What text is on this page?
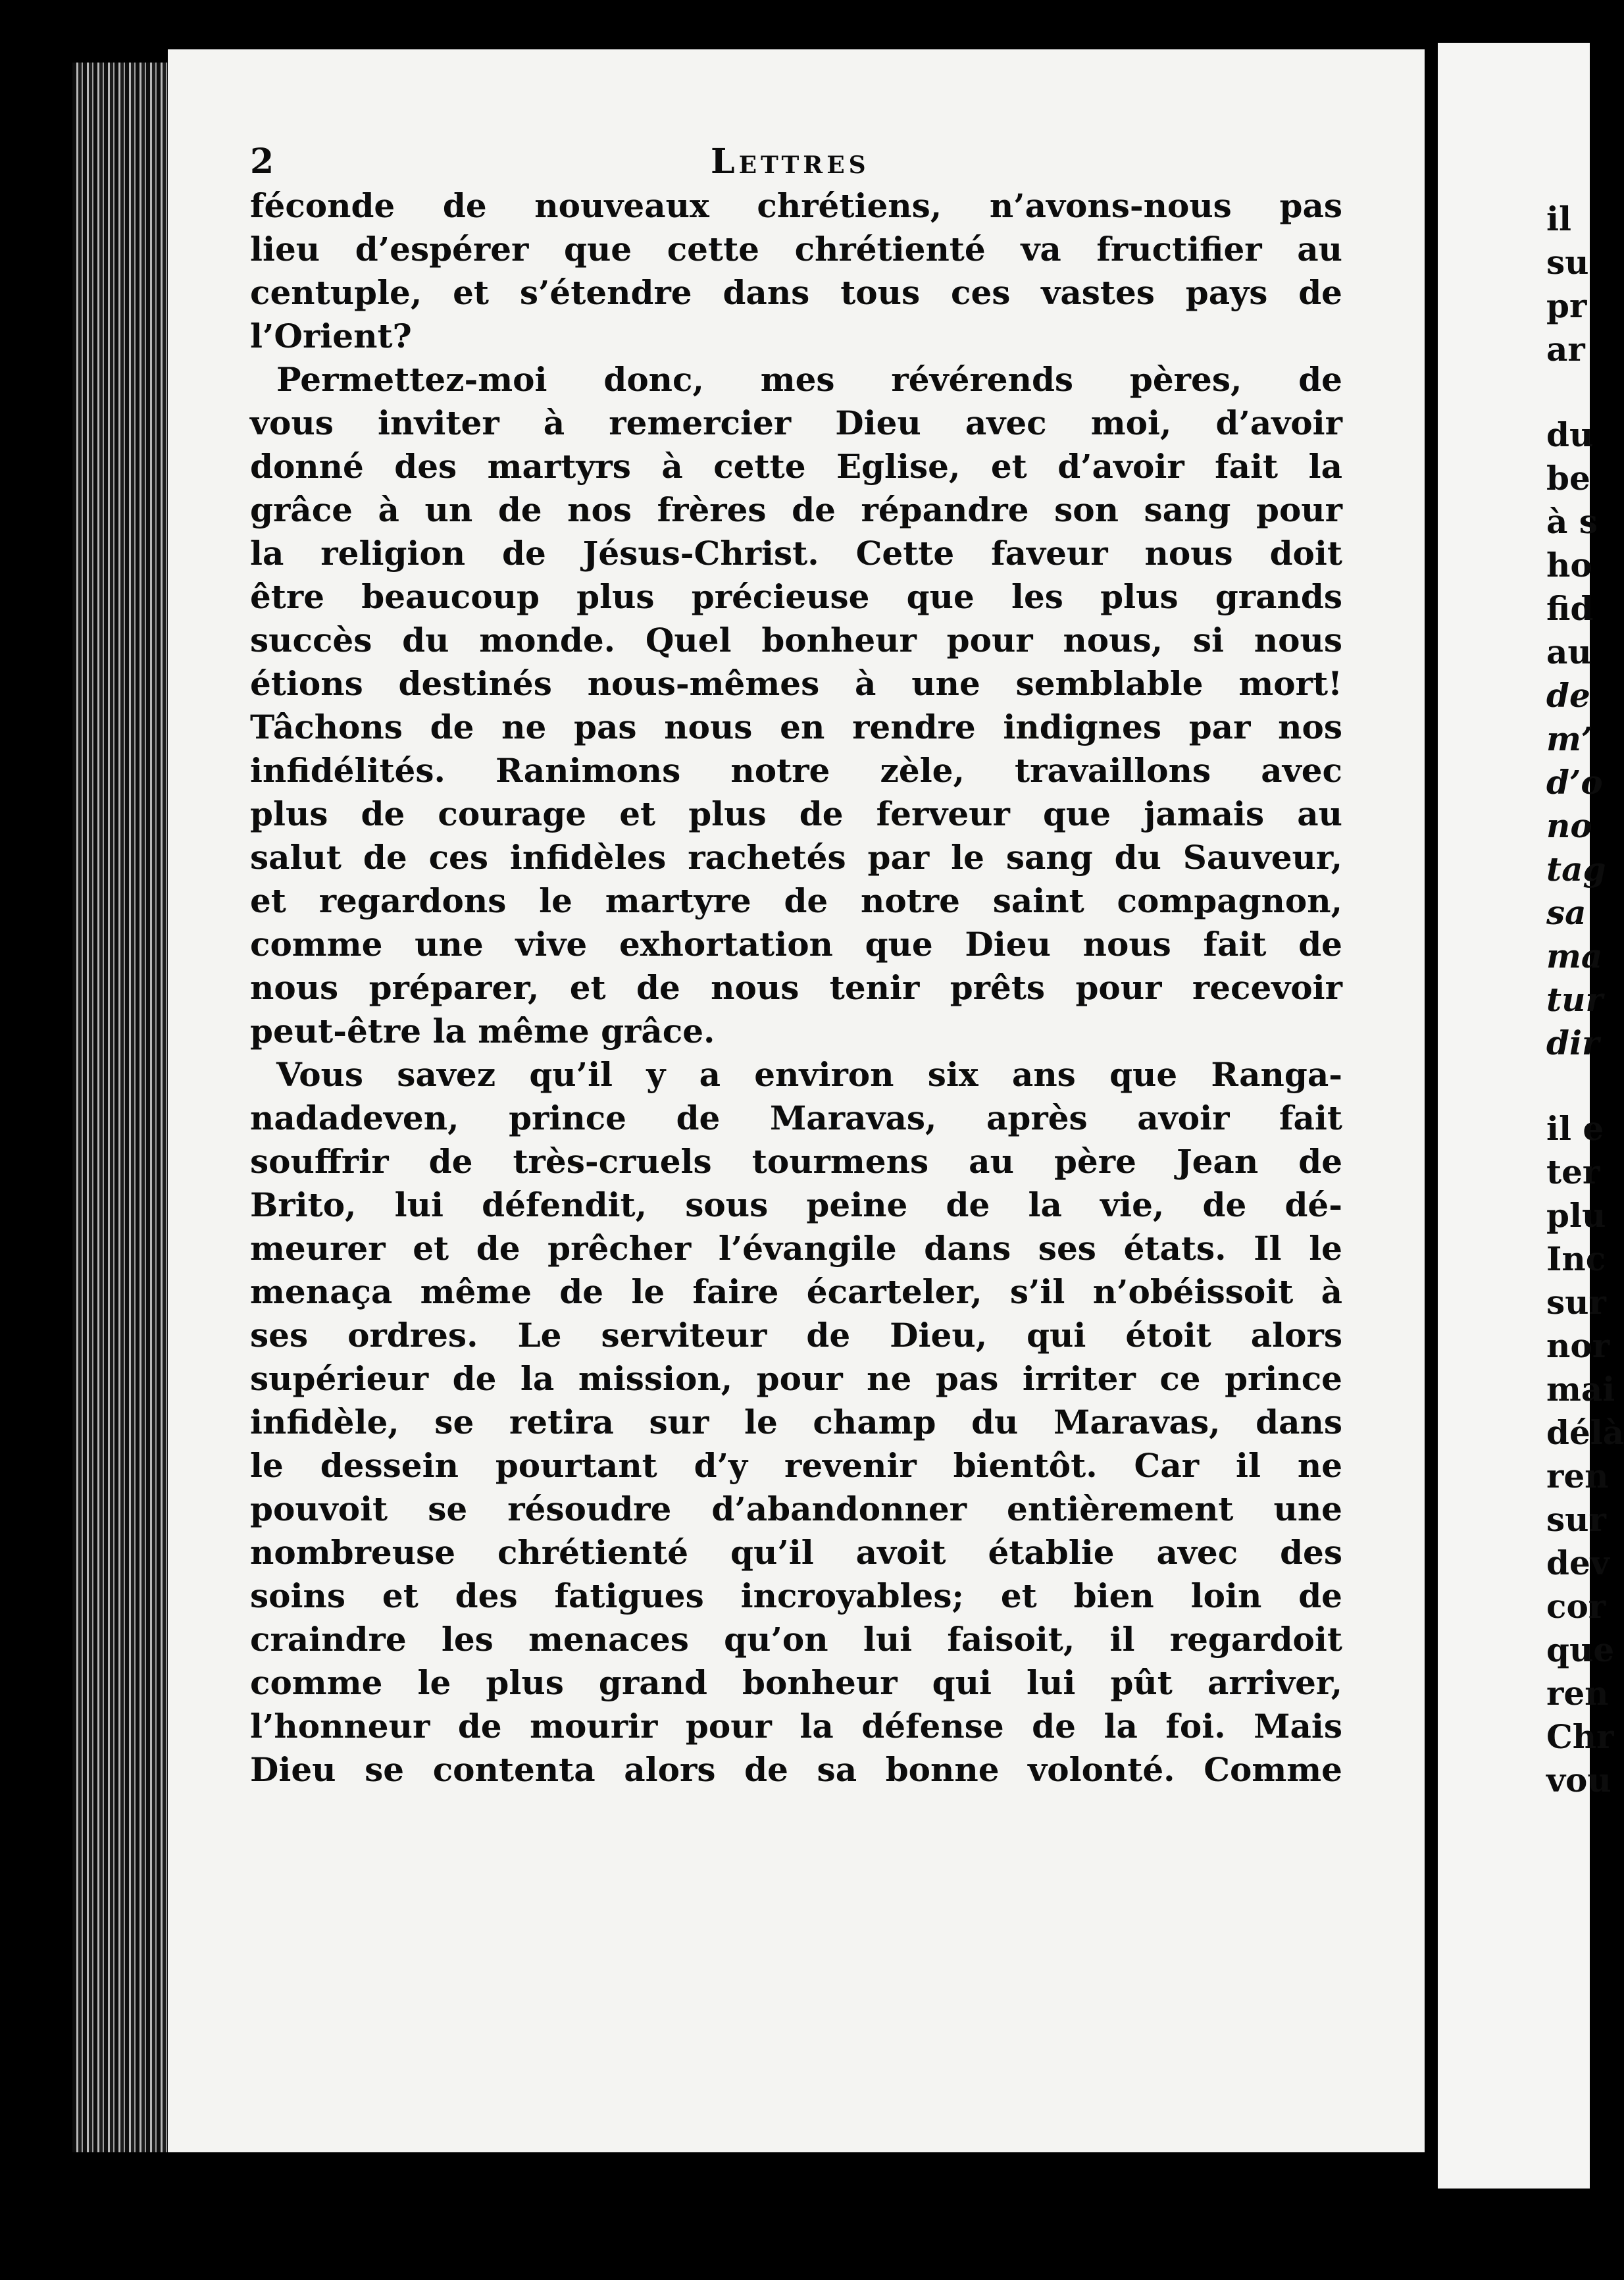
2	Lettres
féconde de nouveaux chrétiens, n’avons-nous pas
lieu d’espérer que cette chrétienté va fructifier au
centuple, et s’étendre dans tous ces vastes pays de
l’Orient?
Permettez-moi donc, mes révérends pères, de
vous inviter à remercier Dieu avec moi, d’avoir
donné des martyrs à cette Eglise, et d’avoir fait la
grâce à un de nos frères de répandre son sang pour
la religion de Jésus-Christ. Cette faveur nous doit
être beaucoup plus précieuse que les plus grands
succès du monde. Quel bonheur pour nous, si nous
étions destinés nous-mêmes à une semblable mort!
Tâchons de ne pas nous en rendre indignes par nos
infidélités. Ranimons notre zèle, travaillons avec
plus de courage et plus de ferveur que jamais au
salut de ces infidèles rachetés par le sang du Sauveur,
et regardons le martyre de notre saint compagnon,
comme une vive exhortation que Dieu nous fait de
nous préparer, et de nous tenir prêts pour recevoir
peut-être la même grâce.
Vous savez qu’il y a environ six ans que Ranga-
nadadeven, prince de Maravas, après avoir fait
souffrir de très-cruels tourmens au père Jean de
Brito, lui défendit, sous peine de la vie, de dé-
meurer et de prêcher l’évangile dans ses états. Il le
menaça même de le faire écarteler, s’il n’obéissoit à
ses ordres. Le serviteur de Dieu, qui étoit alors
supérieur de la mission, pour ne pas irriter ce prince
infidèle, se retira sur le champ du Maravas, dans
le dessein pourtant d’y revenir bientôt. Car il ne
pouvoit se résoudre d’abandonner entièrement une
nombreuse chrétienté qu’il avoit établie avec des
soins et des fatigues incroyables; et bien loin de
craindre les menaces qu’on lui faisoit, il regardoit
comme le plus grand bonheur qui lui pût arriver,
l’honneur de mourir pour la défense de la foi. Mais
Dieu se contenta alors de sa bonne volonté. Comme
il
su
pr
ar
du
be
à s
ho
fid
au
de
m’
d’o
no
tag
sa
ma
tur
dir
il e
ter
plu
Inc
sur
nor
mai
délà
ren
sur
dev
cor
que
ren
Chr
vou
